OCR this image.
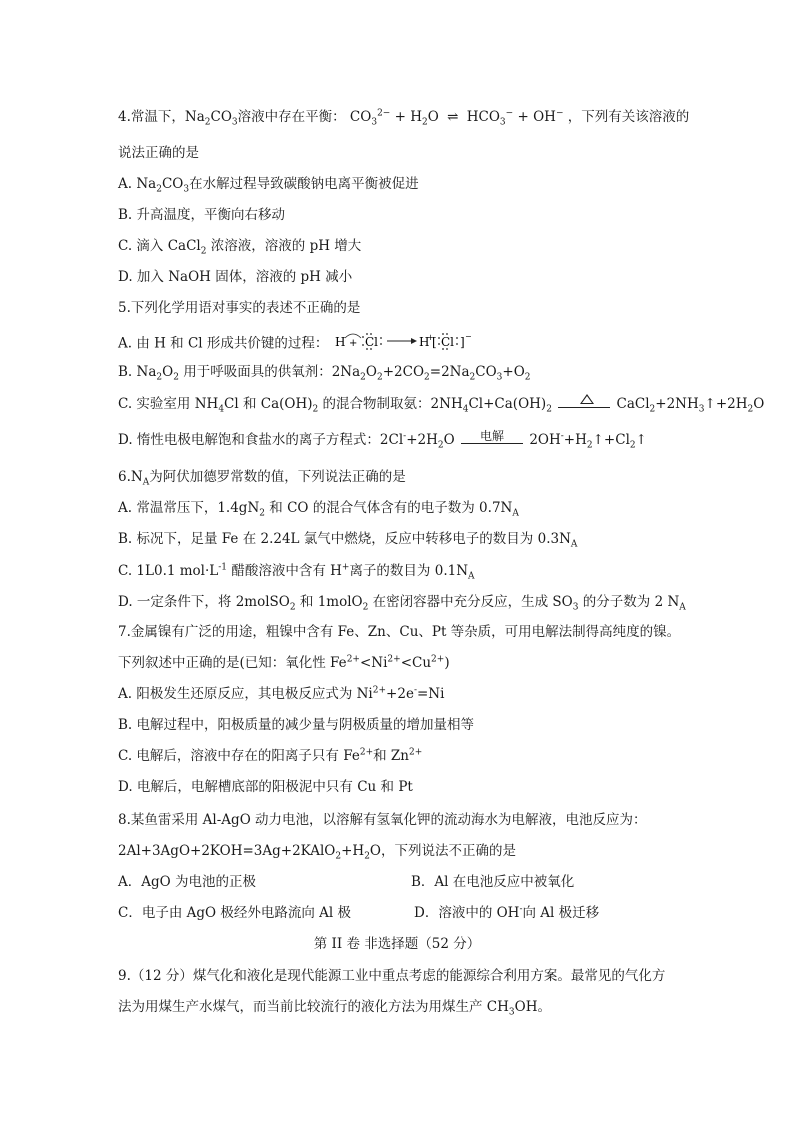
4.常温下，$Na_2CO_3$溶液中存在平衡： $CO_3^{2-} + H_2O$ ⇌ $HCO_3^- + OH^-$ ，下列有关该溶液的
说法正确的是
A. $Na_2CO_3$在水解过程导致碳酸钠电离平衡被促进
B. 升高温度，平衡向右移动
C. 滴入 CaCl$_2$ 浓溶液，溶液的 pH 增大
D. 加入 NaOH 固体，溶液的 pH 减小
5.下列化学用语对事实的表述不正确的是
A. 由 H 和 Cl 形成共价键的过程： H + Cl	H
+
[ Cl ] −
B. $Na_2O_2$ 用于呼吸面具的供氧剂：$2Na_2O_2+2CO_2=2Na_2CO_3+O_2$
C. 实验室用 $NH_4Cl$ 和 $Ca(OH)_2$ 的混合物制取氨：$2NH_4Cl+Ca(OH)_2$	$CaCl_2+2NH_3↑+2H_2O$
D. 惰性电极电解饱和食盐水的离子方程式：$2Cl^-+2H_2O$	电解	$2OH^-+H_2↑+Cl_2↑$
$6.N_A$为阿伏加德罗常数的值，下列说法正确的是
A. 常温常压下，$1.4gN_2$ 和 CO 的混合气体含有的电子数为 $0.7N_A$
B. 标况下，足量 Fe 在 2.24L 氯气中燃烧，反应中转移电子的数目为 $0.3N_A$
C. 1L0.1 $mol\cdot L^{-1}$ 醋酸溶液中含有 H+离子的数目为 $0.1N_A$
D. 一定条件下，将 2molSO$_2$ 和 1molO$_2$ 在密闭容器中充分反应，生成 $SO_3$ 的分子数为 2 $N_A$
7.金属镍有广泛的用途，粗镍中含有 Fe、Zn、Cu、Pt 等杂质，可用电解法制得高纯度的镍。
下列叙述中正确的是(已知：氧化性 $Fe^{2+}<Ni^{2+}<Cu^{2+}$)
A. 阳极发生还原反应，其电极反应式为 $Ni^{2+}+2e^-=Ni$
B. 电解过程中，阳极质量的减少量与阴极质量的增加量相等
C. 电解后，溶液中存在的阳离子只有 $Fe^{2+}$和 $Zn^{2+}$
D. 电解后，电解槽底部的阳极泥中只有 Cu 和 Pt
8.某鱼雷采用 Al-AgO 动力电池，以溶解有氢氧化钾的流动海水为电解液，电池反应为：
$2Al+3AgO+2KOH=3Ag+2KAlO_2+H_2O$，下列说法不正确的是
A．AgO 为电池的正极	B．Al 在电池反应中被氧化
C．电子由 AgO 极经外电路流向 Al 极	D．溶液中的 OH-向 Al 极迁移
第 II 卷 非选择题（52 分）
9.（12 分）煤气化和液化是现代能源工业中重点考虑的能源综合利用方案。最常见的气化方
法为用煤生产水煤气，而当前比较流行的液化方法为用煤生产 $CH_3OH$。
